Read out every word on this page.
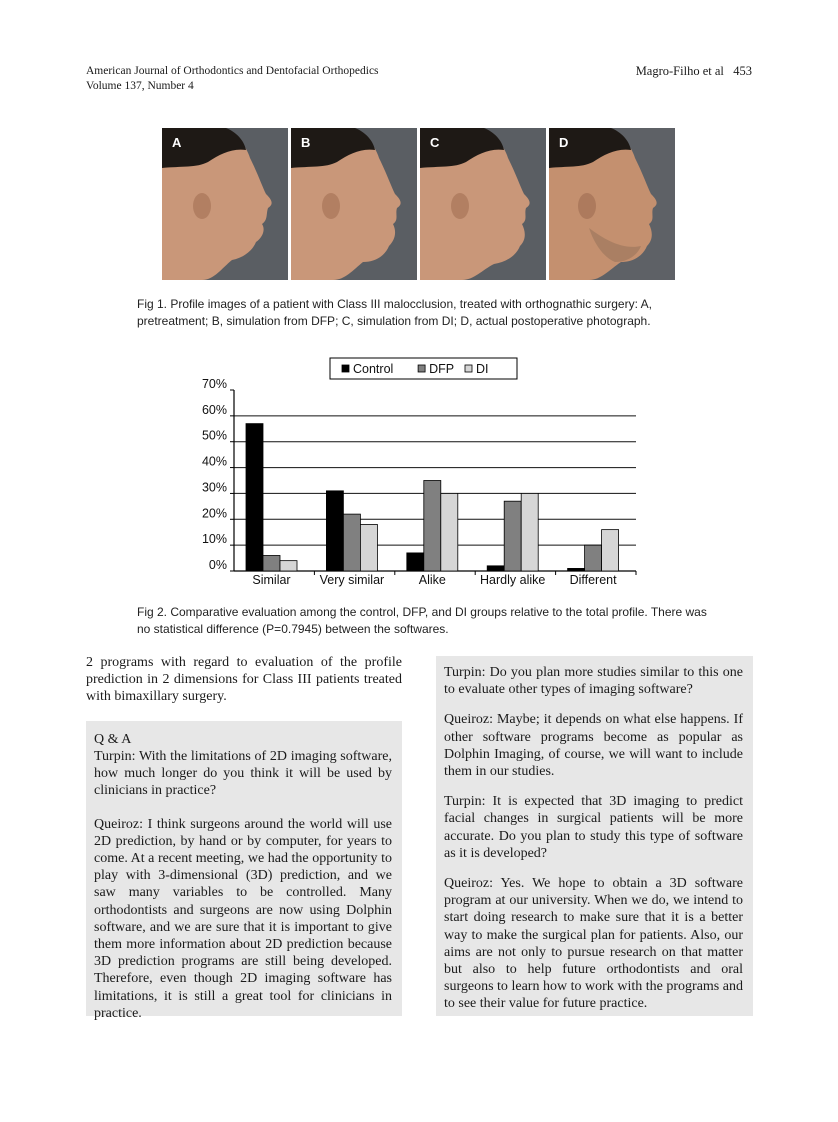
American Journal of Orthodontics and Dentofacial Orthopedics
Volume 137, Number 4
Magro-Filho et al   453
A	B	C	D
Fig 1. Profile images of a patient with Class III malocclusion, treated with orthognathic surgery: A, pretreatment; B, simulation from DFP; C, simulation from DI; D, actual postoperative photograph.
Control	DFP DI
0%
10%
20%
30%
40%
50%
60%
70%
Similar Very similar	Alike	Hardly alike Different
Fig 2. Comparative evaluation among the control, DFP, and DI groups relative to the total profile. There was no statistical difference (P=0.7945) between the softwares.
2 programs with regard to evaluation of the profile prediction in 2 dimensions for Class III patients treated with bimaxillary surgery.
Q & A

Turpin: With the limitations of 2D imaging software, how much longer do you think it will be used by clinicians in practice?

Queiroz: I think surgeons around the world will use 2D prediction, by hand or by computer, for years to come. At a recent meeting, we had the opportunity to play with 3-dimensional (3D) prediction, and we saw many variables to be controlled. Many orthodontists and surgeons are now using Dolphin software, and we are sure that it is important to give them more information about 2D prediction because 3D prediction programs are still being developed. Therefore, even though 2D imaging software has limitations, it is still a great tool for clinicians in practice.

Turpin: Do you plan more studies similar to this one to evaluate other types of imaging software?

Queiroz: Maybe; it depends on what else happens. If other software programs become as popular as Dolphin Imaging, of course, we will want to include them in our studies.

Turpin: It is expected that 3D imaging to predict facial changes in surgical patients will be more accurate. Do you plan to study this type of software as it is developed?

Queiroz: Yes. We hope to obtain a 3D software program at our university. When we do, we intend to start doing research to make sure that it is a better way to make the surgical plan for patients. Also, our aims are not only to pursue research on that matter but also to help future orthodontists and oral surgeons to learn how to work with the programs and to see their value for future practice.
